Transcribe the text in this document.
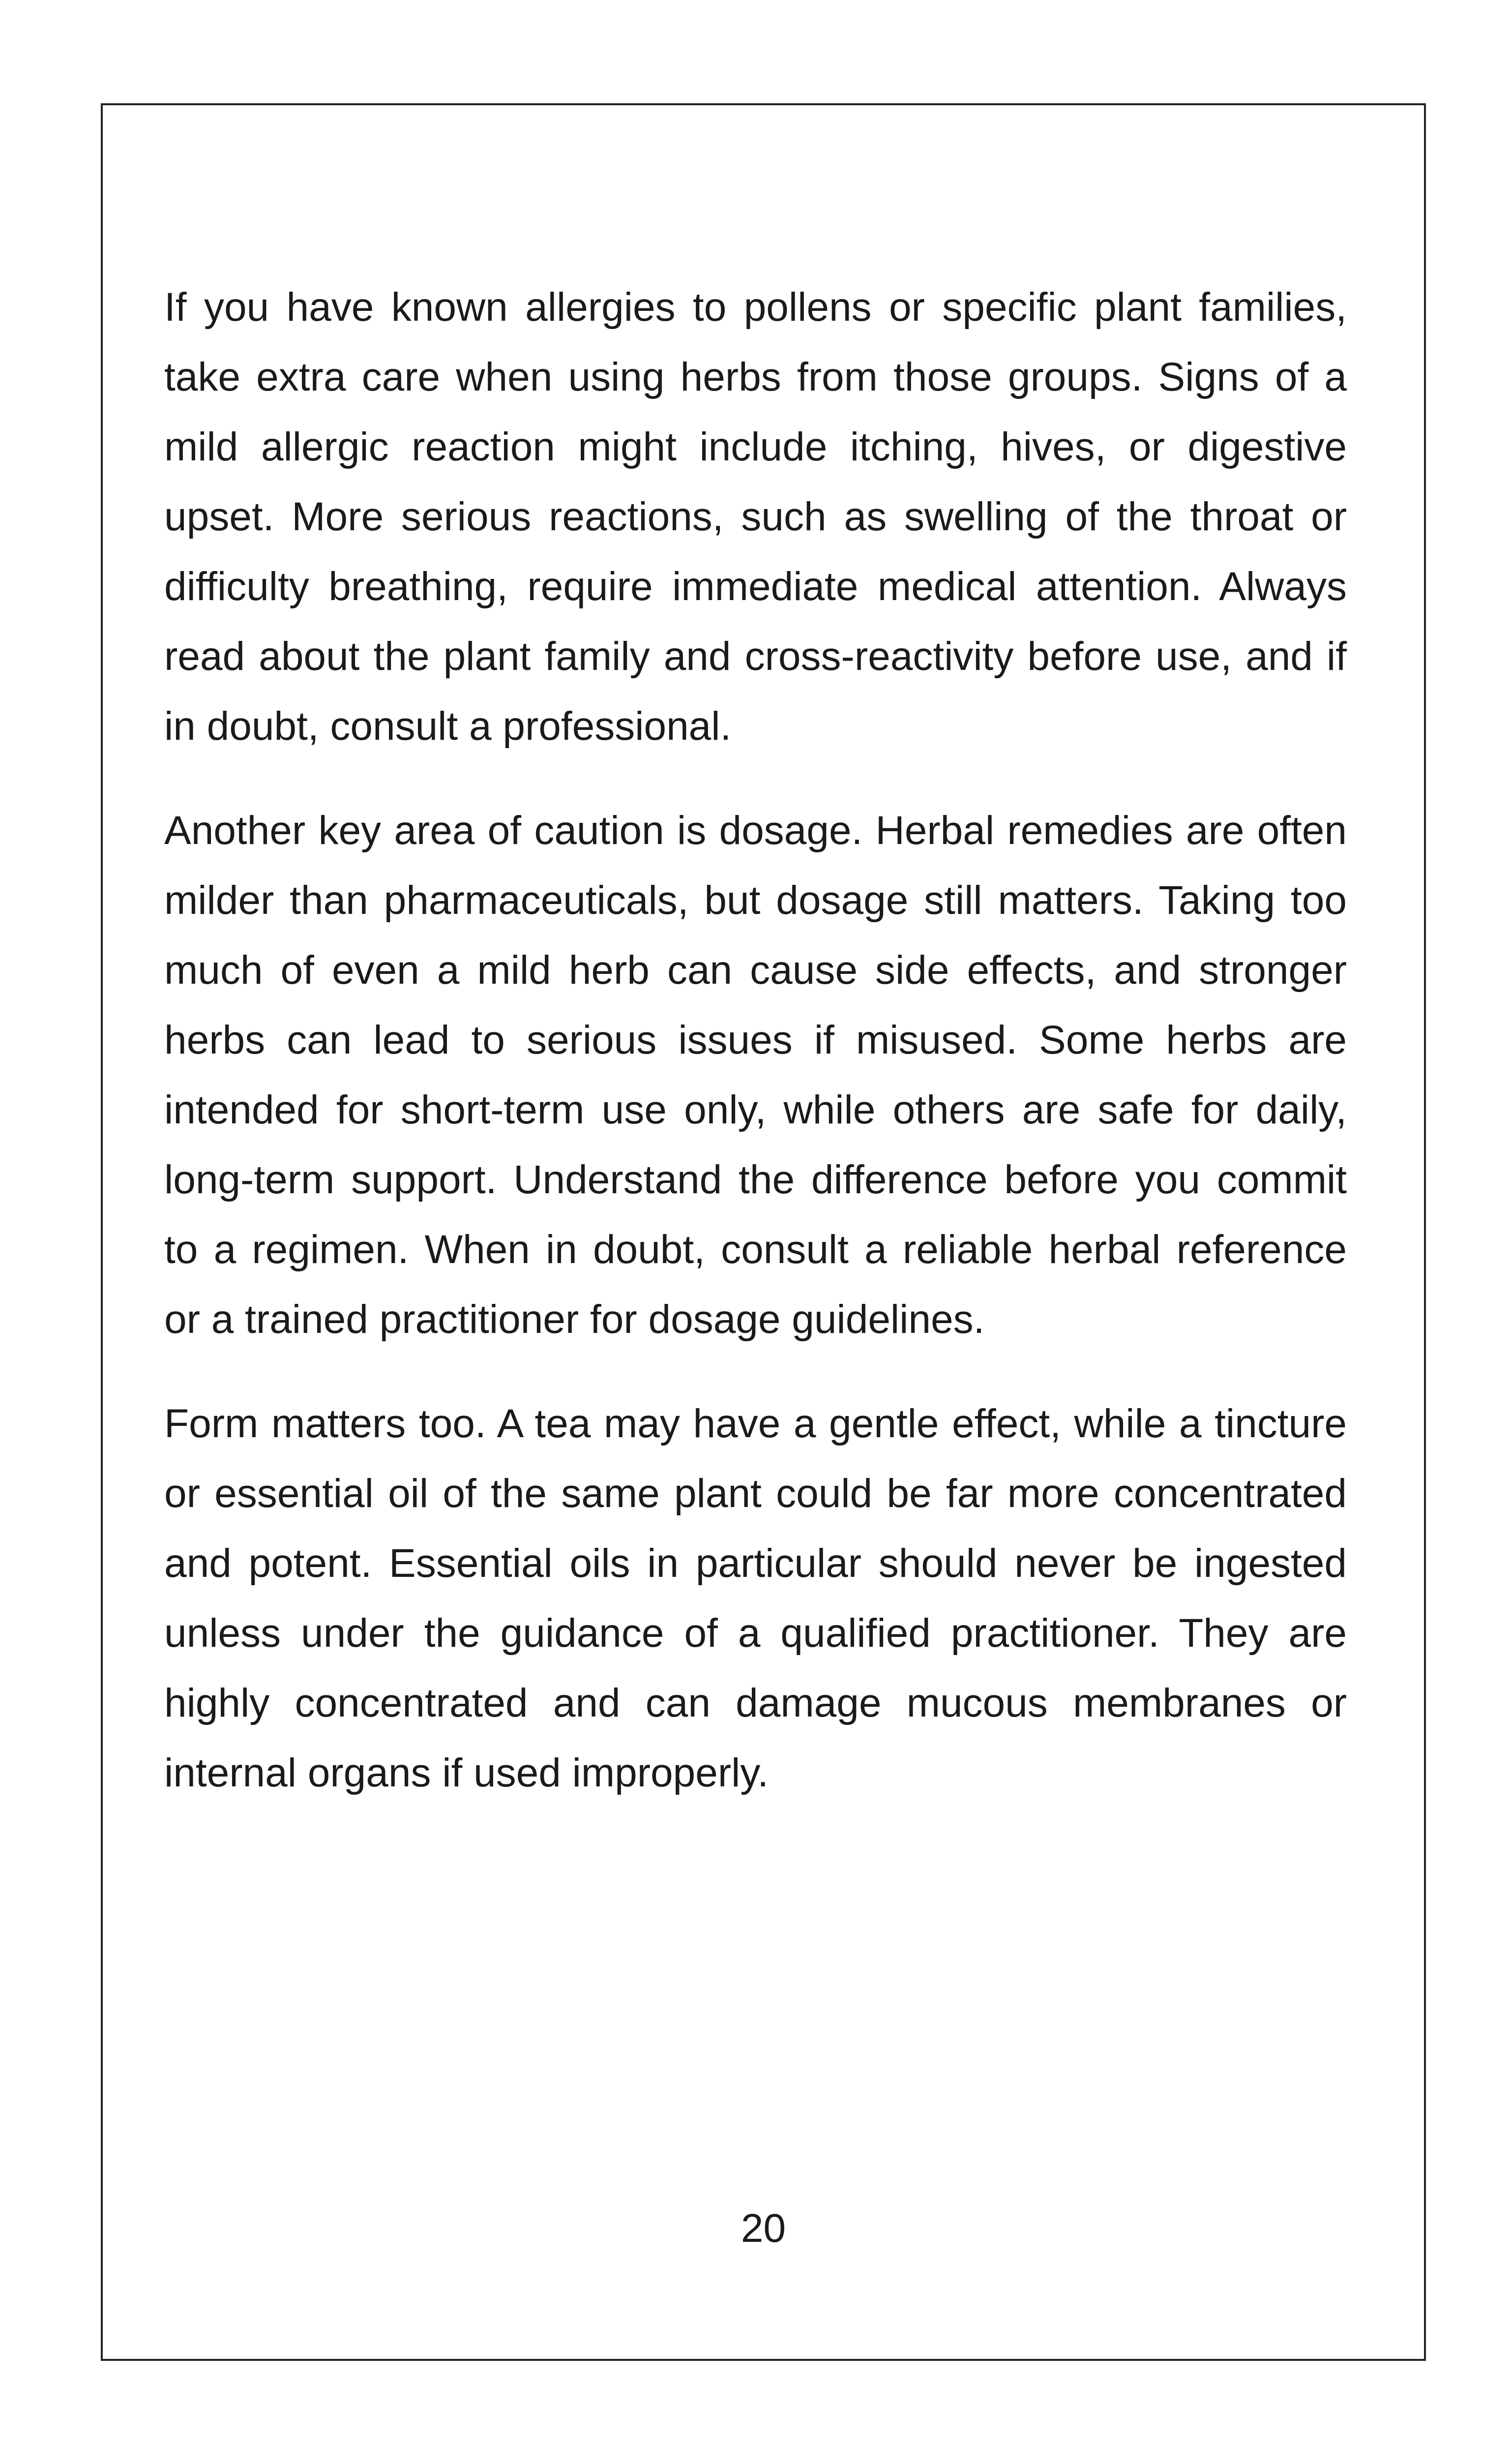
If you have known allergies to pollens or specific plant families, take extra care when using herbs from those groups. Signs of a mild allergic reaction might include itching, hives, or digestive upset. More serious reactions, such as swelling of the throat or difficulty breathing, require immediate medical attention. Always read about the plant family and cross-reactivity before use, and if in doubt, consult a professional.

Another key area of caution is dosage. Herbal remedies are often milder than pharmaceuticals, but dosage still matters. Taking too much of even a mild herb can cause side effects, and stronger herbs can lead to serious issues if misused. Some herbs are intended for short-term use only, while others are safe for daily, long-term support. Understand the difference before you commit to a regimen. When in doubt, consult a reliable herbal reference or a trained practitioner for dosage guidelines.

Form matters too. A tea may have a gentle effect, while a tincture or essential oil of the same plant could be far more concentrated and potent. Essential oils in particular should never be ingested unless under the guidance of a qualified practitioner. They are highly concentrated and can damage mucous membranes or internal organs if used improperly.

20
